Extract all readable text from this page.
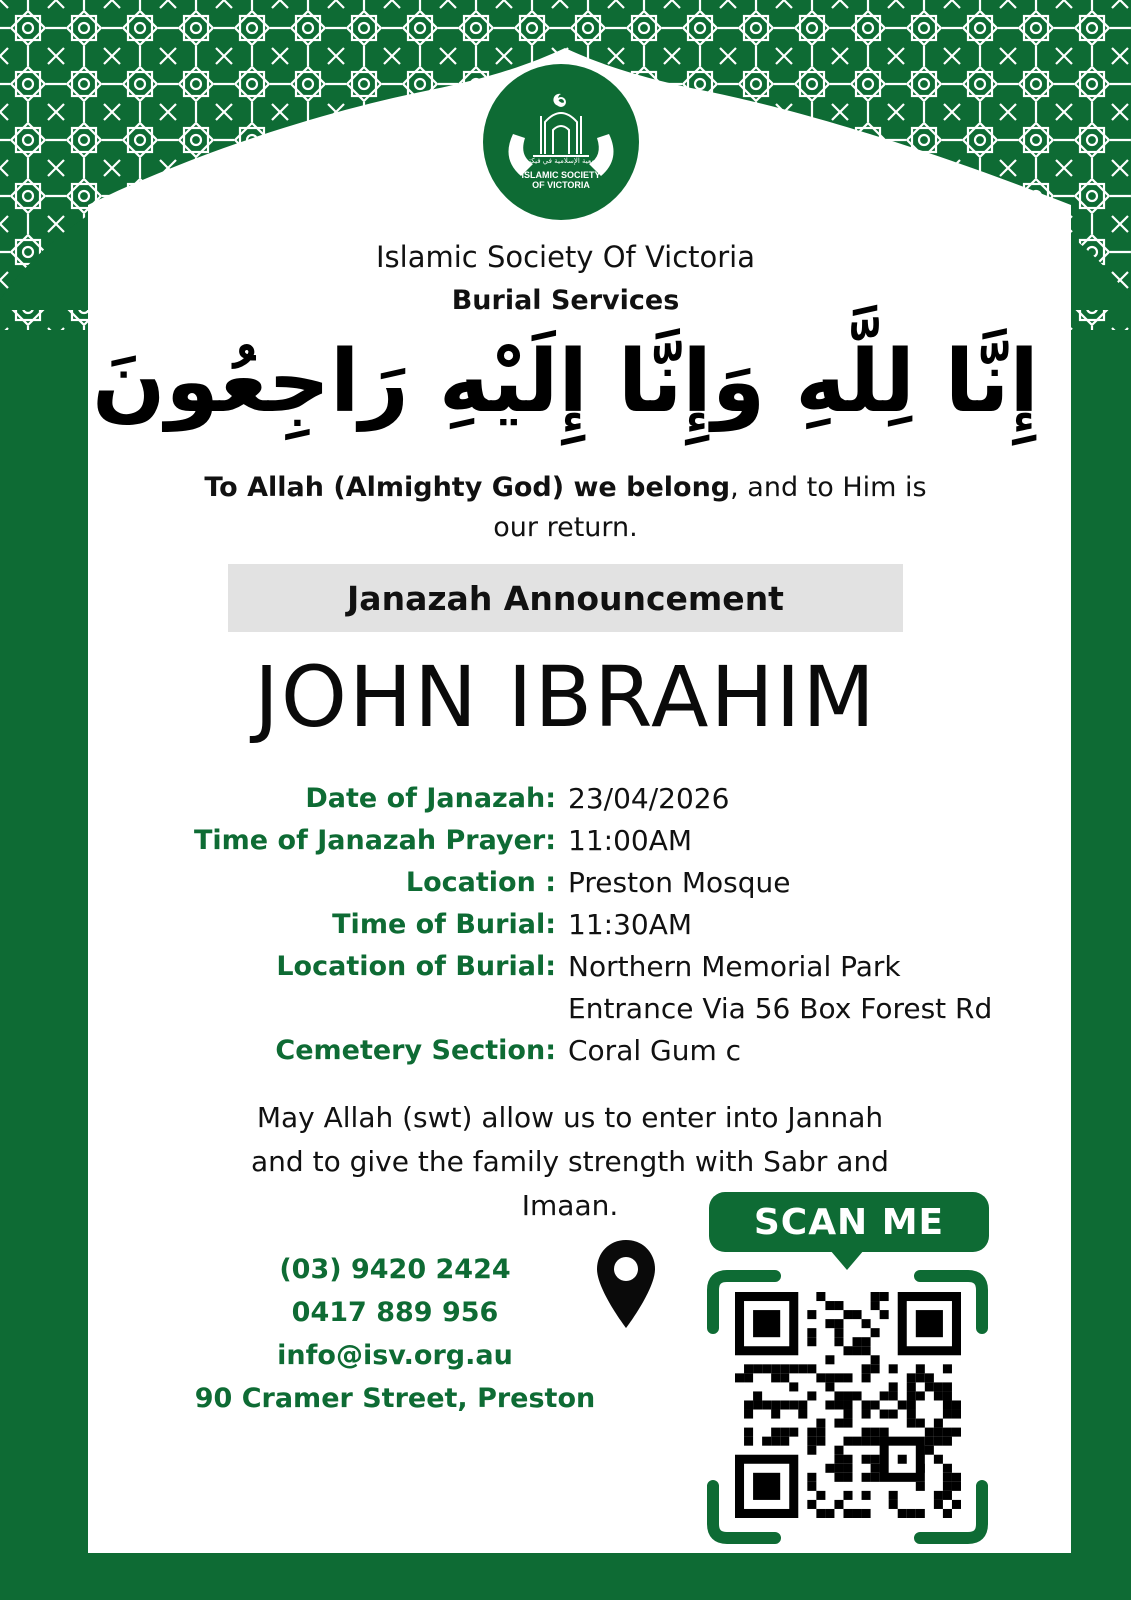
الجمعية الإسلامية في فيكتوريا
ISLAMIC SOCIETY
OF VICTORIA
Islamic Society Of Victoria
Burial Services
إِنَّا لِلَّهِ وَإِنَّا إِلَيْهِ رَاجِعُونَ
To Allah (Almighty God) we belong, and to Him is our return.
Janazah Announcement
JOHN IBRAHIM
Date of Janazah: 23/04/2026
Time of Janazah Prayer: 11:00AM
Location : Preston Mosque
Time of Burial: 11:30AM
Location of Burial: Northern Memorial Park
Entrance Via 56 Box Forest Rd
Cemetery Section: Coral Gum c
May Allah (swt) allow us to enter into Jannah and to give the family strength with Sabr and Imaan.
(03) 9420 2424
0417 889 956
info@isv.org.au
90 Cramer Street, Preston
SCAN ME
